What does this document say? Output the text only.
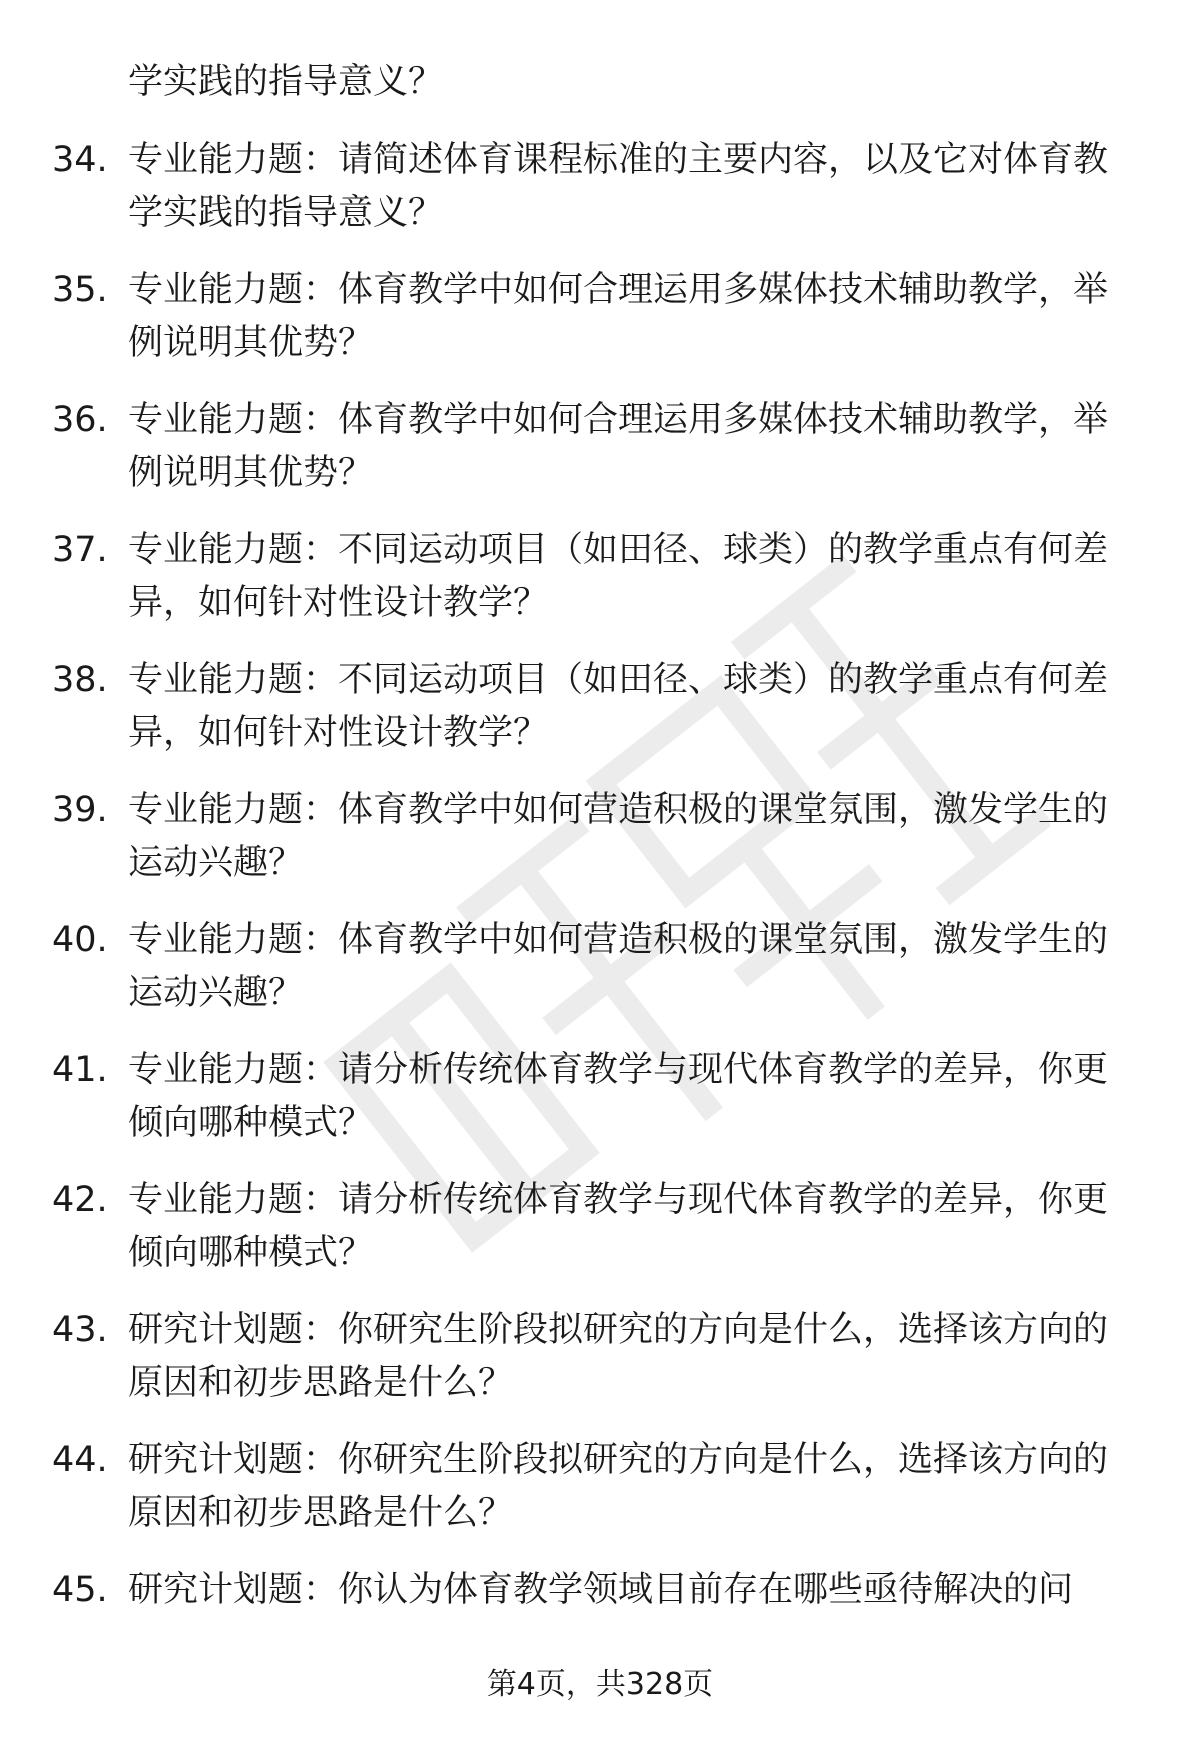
学实践的指导意义？
34. 专业能力题：请简述体育课程标准的主要内容，以及它对体育教
学实践的指导意义？
35. 专业能力题：体育教学中如何合理运用多媒体技术辅助教学，举
例说明其优势？
36. 专业能力题：体育教学中如何合理运用多媒体技术辅助教学，举
例说明其优势？
37. 专业能力题：不同运动项目（如田径、球类）的教学重点有何差
异，如何针对性设计教学？
38. 专业能力题：不同运动项目（如田径、球类）的教学重点有何差
异，如何针对性设计教学？
39. 专业能力题：体育教学中如何营造积极的课堂氛围，激发学生的
运动兴趣？
40. 专业能力题：体育教学中如何营造积极的课堂氛围，激发学生的
运动兴趣？
41. 专业能力题：请分析传统体育教学与现代体育教学的差异，你更
倾向哪种模式？
42. 专业能力题：请分析传统体育教学与现代体育教学的差异，你更
倾向哪种模式？
43. 研究计划题：你研究生阶段拟研究的方向是什么，选择该方向的
原因和初步思路是什么？
44. 研究计划题：你研究生阶段拟研究的方向是什么，选择该方向的
原因和初步思路是什么？
45. 研究计划题：你认为体育教学领域目前存在哪些亟待解决的问
第4页，共328页
